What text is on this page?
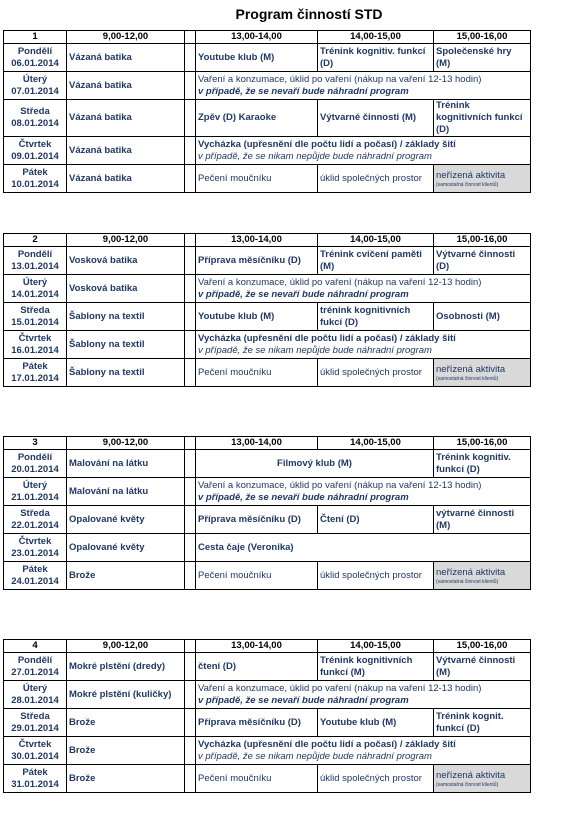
Program činností STD
1	9,00-12,00		13,00-14,00	14,00-15,00	15,00-16,00
Pondělí
06.01.2014	Vázaná batika		Youtube klub (M)	Trénink kognitiv. funkcí (D)	Společenské hry (M)
Úterý
07.01.2014	Vázaná batika		Vaření a konzumace, úklid po vaření (nákup na vaření 12-13 hodin)
v případě, že se nevaří bude náhradní program		
Středa
08.01.2014	Vázaná batika		Zpěv (D) Karaoke	Výtvarné činnosti (M)	Trénink kognitivních funkcí (D)
Čtvrtek
09.01.2014	Vázaná batika		Vycházka (upřesnění dle počtu lidí a počasí) / základy šití
v případě, že se nikam nepůjde bude náhradní program		
Pátek
10.01.2014	Vázaná batika		Pečení moučníku	úklid společných prostor	neřízená aktivita
(samostatná činnost klientů)
2	9,00-12,00		13,00-14,00	14,00-15,00	15,00-16,00
Pondělí
13.01.2014	Vosková batika		Příprava měsíčníku (D)	Trénink cvičení paměti (M)	Výtvarné činnosti (D)
Úterý
14.01.2014	Vosková batika		Vaření a konzumace, úklid po vaření (nákup na vaření 12-13 hodin)
v případě, že se nevaří bude náhradní program		
Středa
15.01.2014	Šablony na textil		Youtube klub (M)	trénink kognitivních fukcí (D)	Osobnosti (M)
Čtvrtek
16.01.2014	Šablony na textil		Vycházka (upřesnění dle počtu lidí a počasí) / základy šití
v případě, že se nikam nepůjde bude náhradní program		
Pátek
17.01.2014	Šablony na textil		Pečení moučníku	úklid společných prostor	neřízená aktivita
(samostatná činnost klientů)
3	9,00-12,00		13,00-14,00	14,00-15,00	15,00-16,00
Pondělí
20.01.2014	Malování na látku		Filmový klub (M)		Trénink kognitiv. funkcí (D)
Úterý
21.01.2014	Malování na látku		Vaření a konzumace, úklid po vaření (nákup na vaření 12-13 hodin)
v případě, že se nevaří bude náhradní program		
Středa
22.01.2014	Opalované květy		Příprava měsíčníku (D)	Čtení (D)	výtvarné činnosti (M)
Čtvrtek
23.01.2014	Opalované květy		Cesta čaje (Veronika)		
Pátek
24.01.2014	Brože		Pečení moučníku	úklid společných prostor	neřízená aktivita
(samostatná činnost klientů)
4	9,00-12,00		13,00-14,00	14,00-15,00	15,00-16,00
Pondělí
27.01.2014	Mokré plstění (dredy)		čtení (D)	Trénink kognitivních funkcí (M)	Výtvarné činnosti (M)
Úterý
28.01.2014	Mokré plstění (kuličky)		Vaření a konzumace, úklid po vaření (nákup na vaření 12-13 hodin)
v případě, že se nevaří bude náhradní program		
Středa
29.01.2014	Brože		Příprava měsíčníku (D)	Youtube klub (M)	Trénink kognit. funkcí (D)
Čtvrtek
30.01.2014	Brože		Vycházka (upřesnění dle počtu lidí a počasí) / základy šití
v případě, že se nikam nepůjde bude náhradní program		
Pátek
31.01.2014	Brože		Pečení moučníku	úklid společných prostor	neřízená aktivita
(samostatná činnost klientů)
